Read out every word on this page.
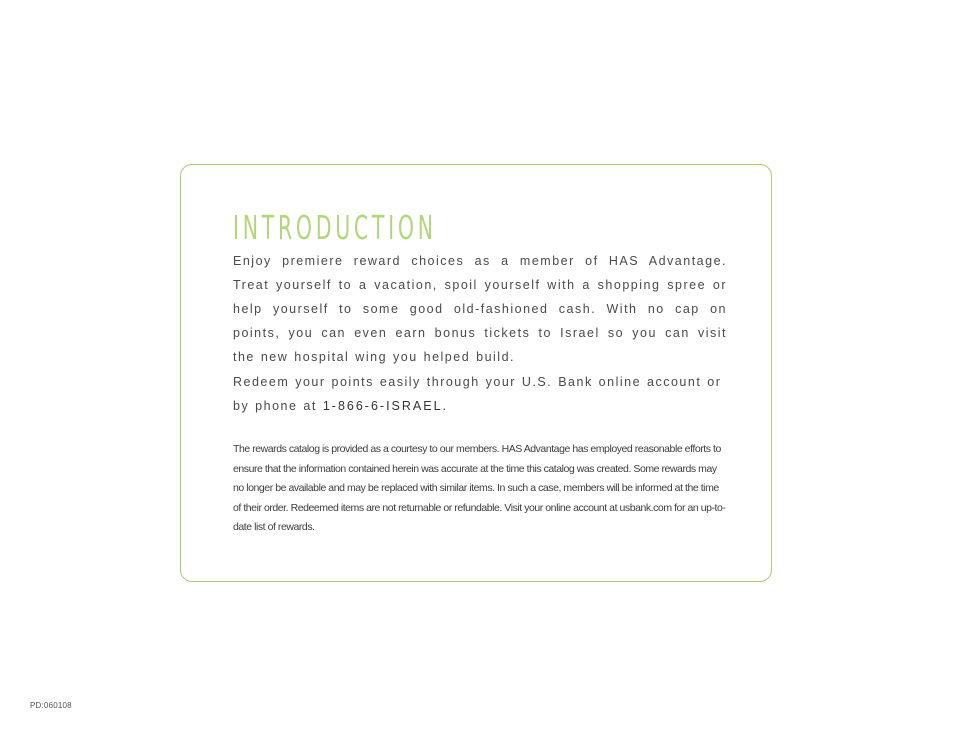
INTRODUCTION

Enjoy premiere reward choices as a member of HAS Advantage. Treat yourself to a vacation, spoil yourself with a shopping spree or help yourself to some good old-fashioned cash. With no cap on points, you can even earn bonus tickets to Israel so you can visit the new hospital wing you helped build.

Redeem your points easily through your U.S. Bank online account or by phone at 1-866-6-ISRAEL.

The rewards catalog is provided as a courtesy to our members. HAS Advantage has employed reasonable efforts to ensure that the information contained herein was accurate at the time this catalog was created. Some rewards may no longer be available and may be replaced with similar items. In such a case, members will be informed at the time of their order. Redeemed items are not returnable or refundable. Visit your online account at usbank.com for an up-to-date list of rewards.

PD:060108
